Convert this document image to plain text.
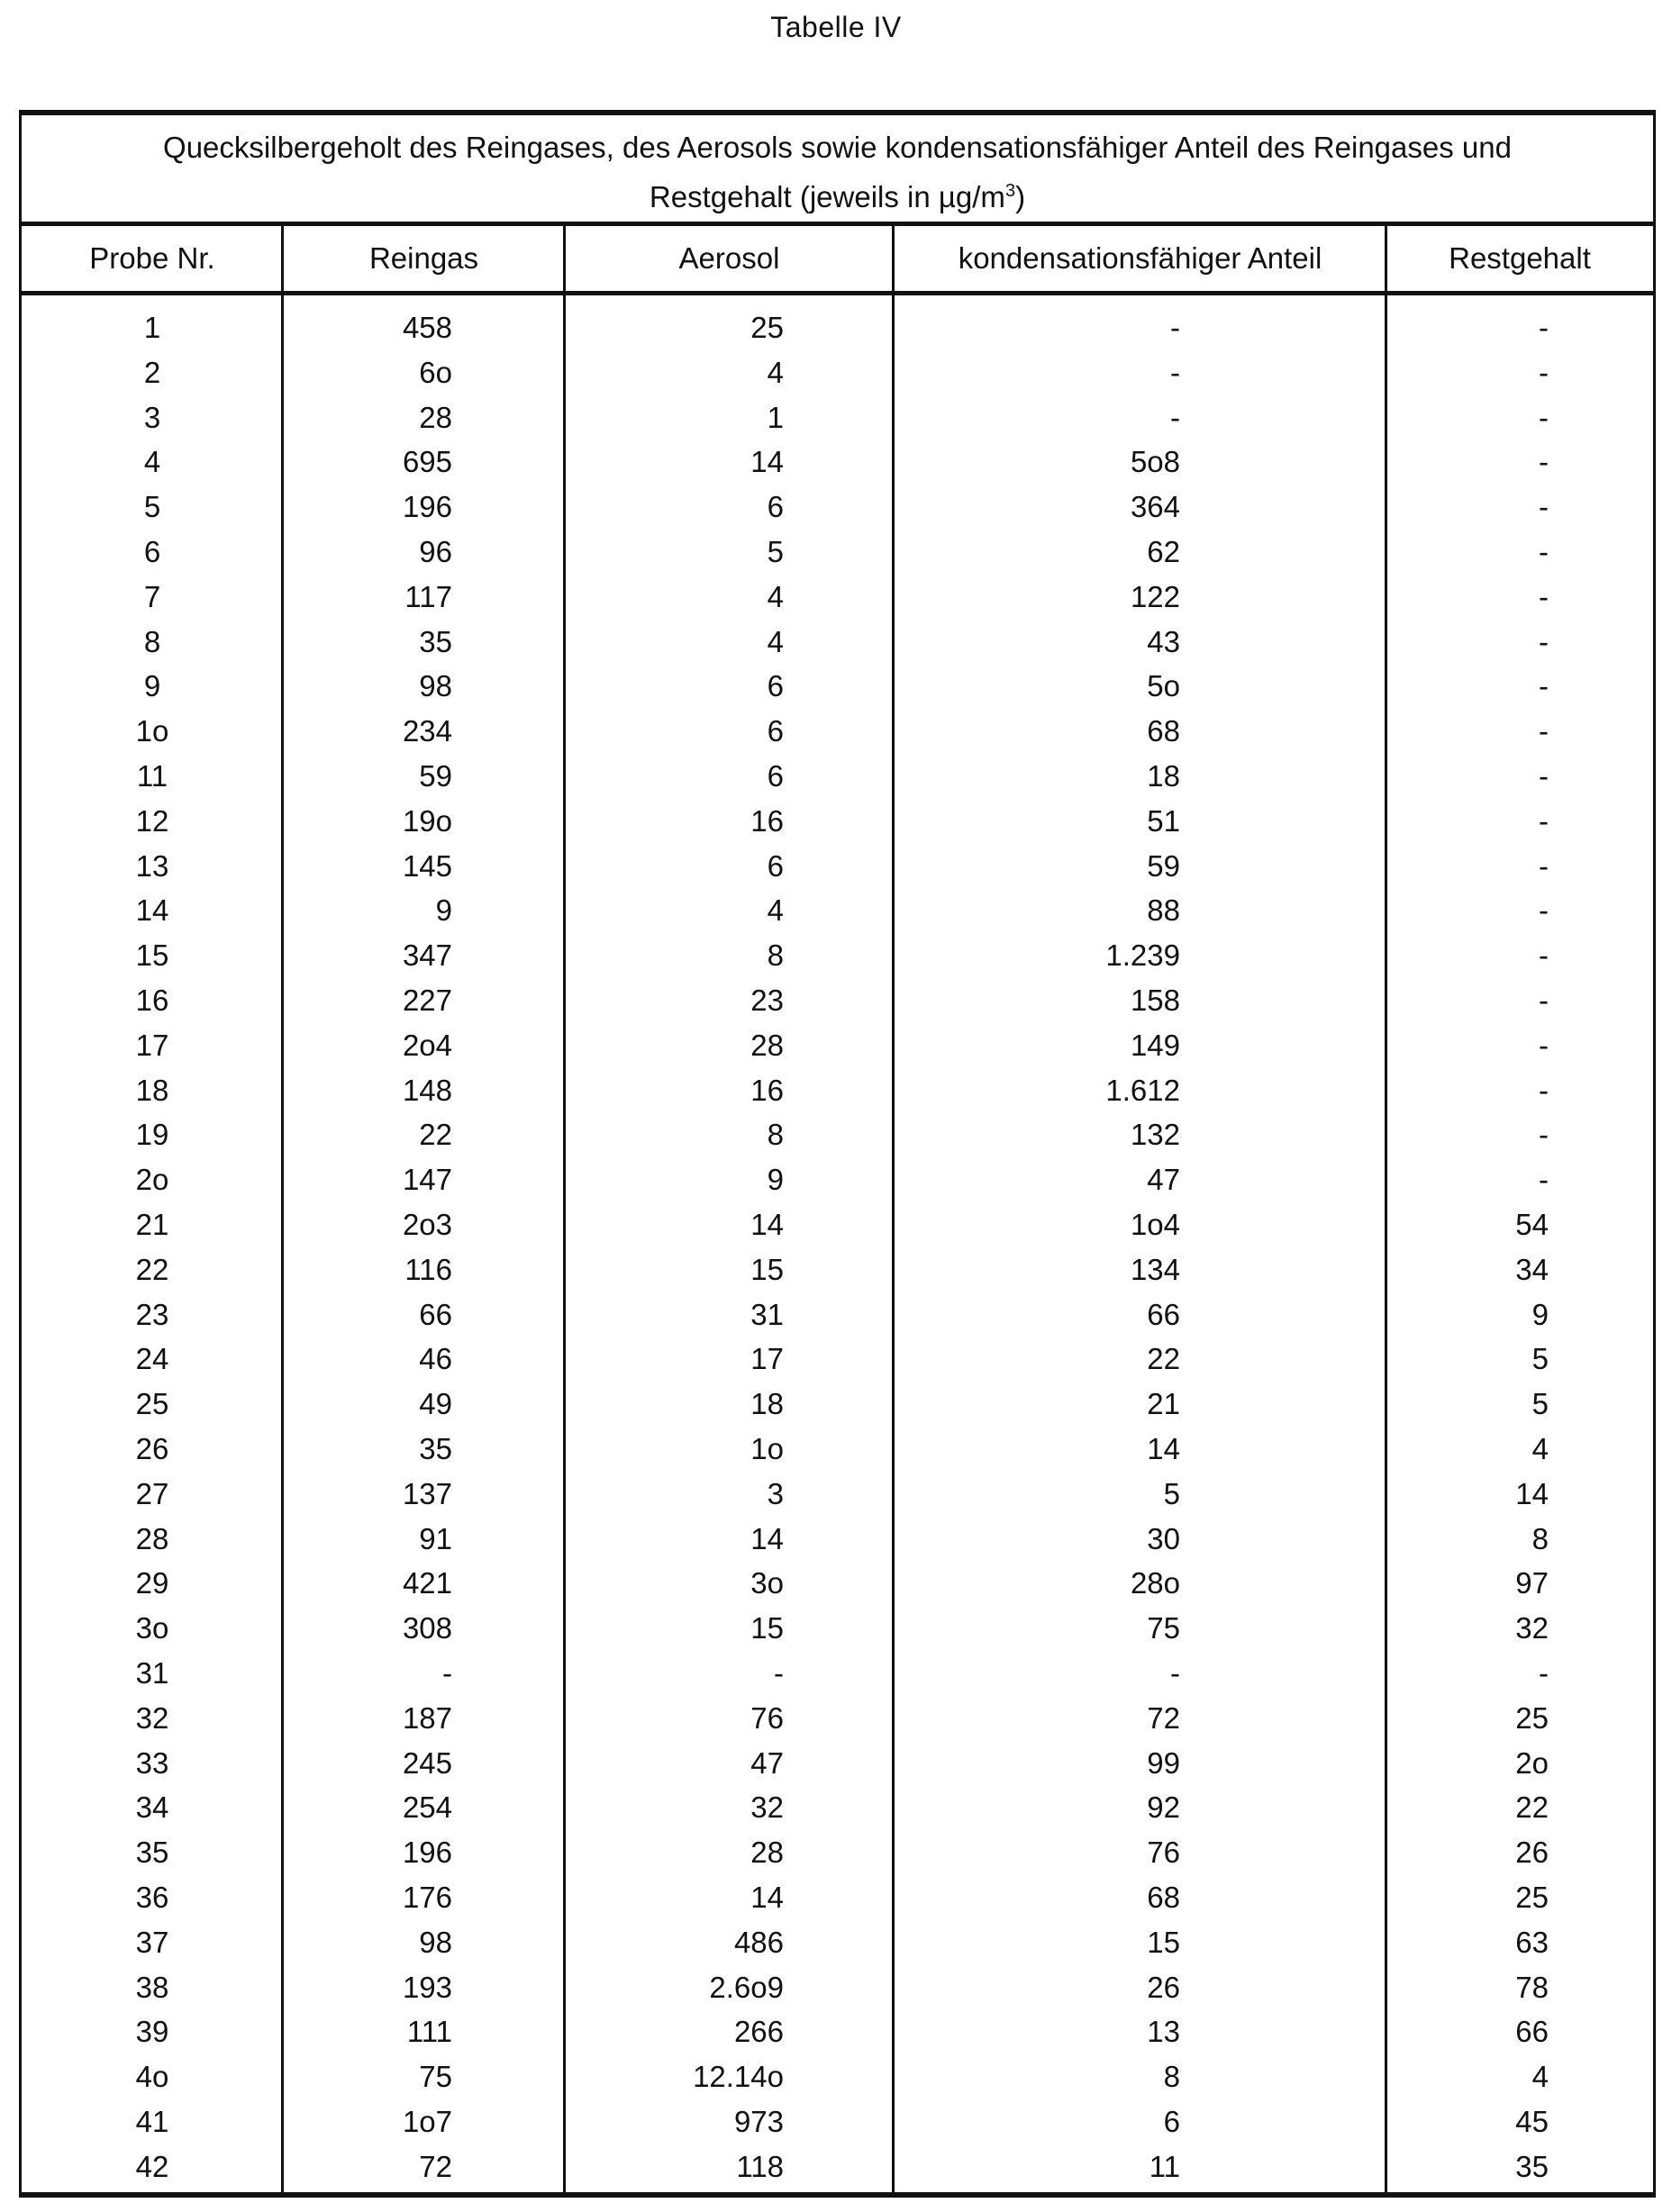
Tabelle IV
Quecksilbergeholt des Reingases, des Aerosols sowie kondensationsfähiger Anteil des Reingases und
Restgehalt (jeweils in $\mu g/m^3$)
Probe Nr.	Reingas	Aerosol	kondensationsfähiger Anteil	Restgehalt
1	458	25	-	-
2	6o	4	-	-
3	28	1	-	-
4	695	14	5o8	-
5	196	6	364	-
6	96	5	62	-
7	117	4	122	-
8	35	4	43	-
9	98	6	5o	-
1o	234	6	68	-
11	59	6	18	-
12	19o	16	51	-
13	145	6	59	-
14	9	4	88	-
15	347	8	1.239	-
16	227	23	158	-
17	2o4	28	149	-
18	148	16	1.612	-
19	22	8	132	-
2o	147	9	47	-
21	2o3	14	1o4	54
22	116	15	134	34
23	66	31	66	9
24	46	17	22	5
25	49	18	21	5
26	35	1o	14	4
27	137	3	5	14
28	91	14	30	8
29	421	3o	28o	97
3o	308	15	75	32
31	-	-	-	-
32	187	76	72	25
33	245	47	99	2o
34	254	32	92	22
35	196	28	76	26
36	176	14	68	25
37	98	486	15	63
38	193	2.6o9	26	78
39	111	266	13	66
4o	75	12.14o	8	4
41	1o7	973	6	45
42	72	118	11	35
